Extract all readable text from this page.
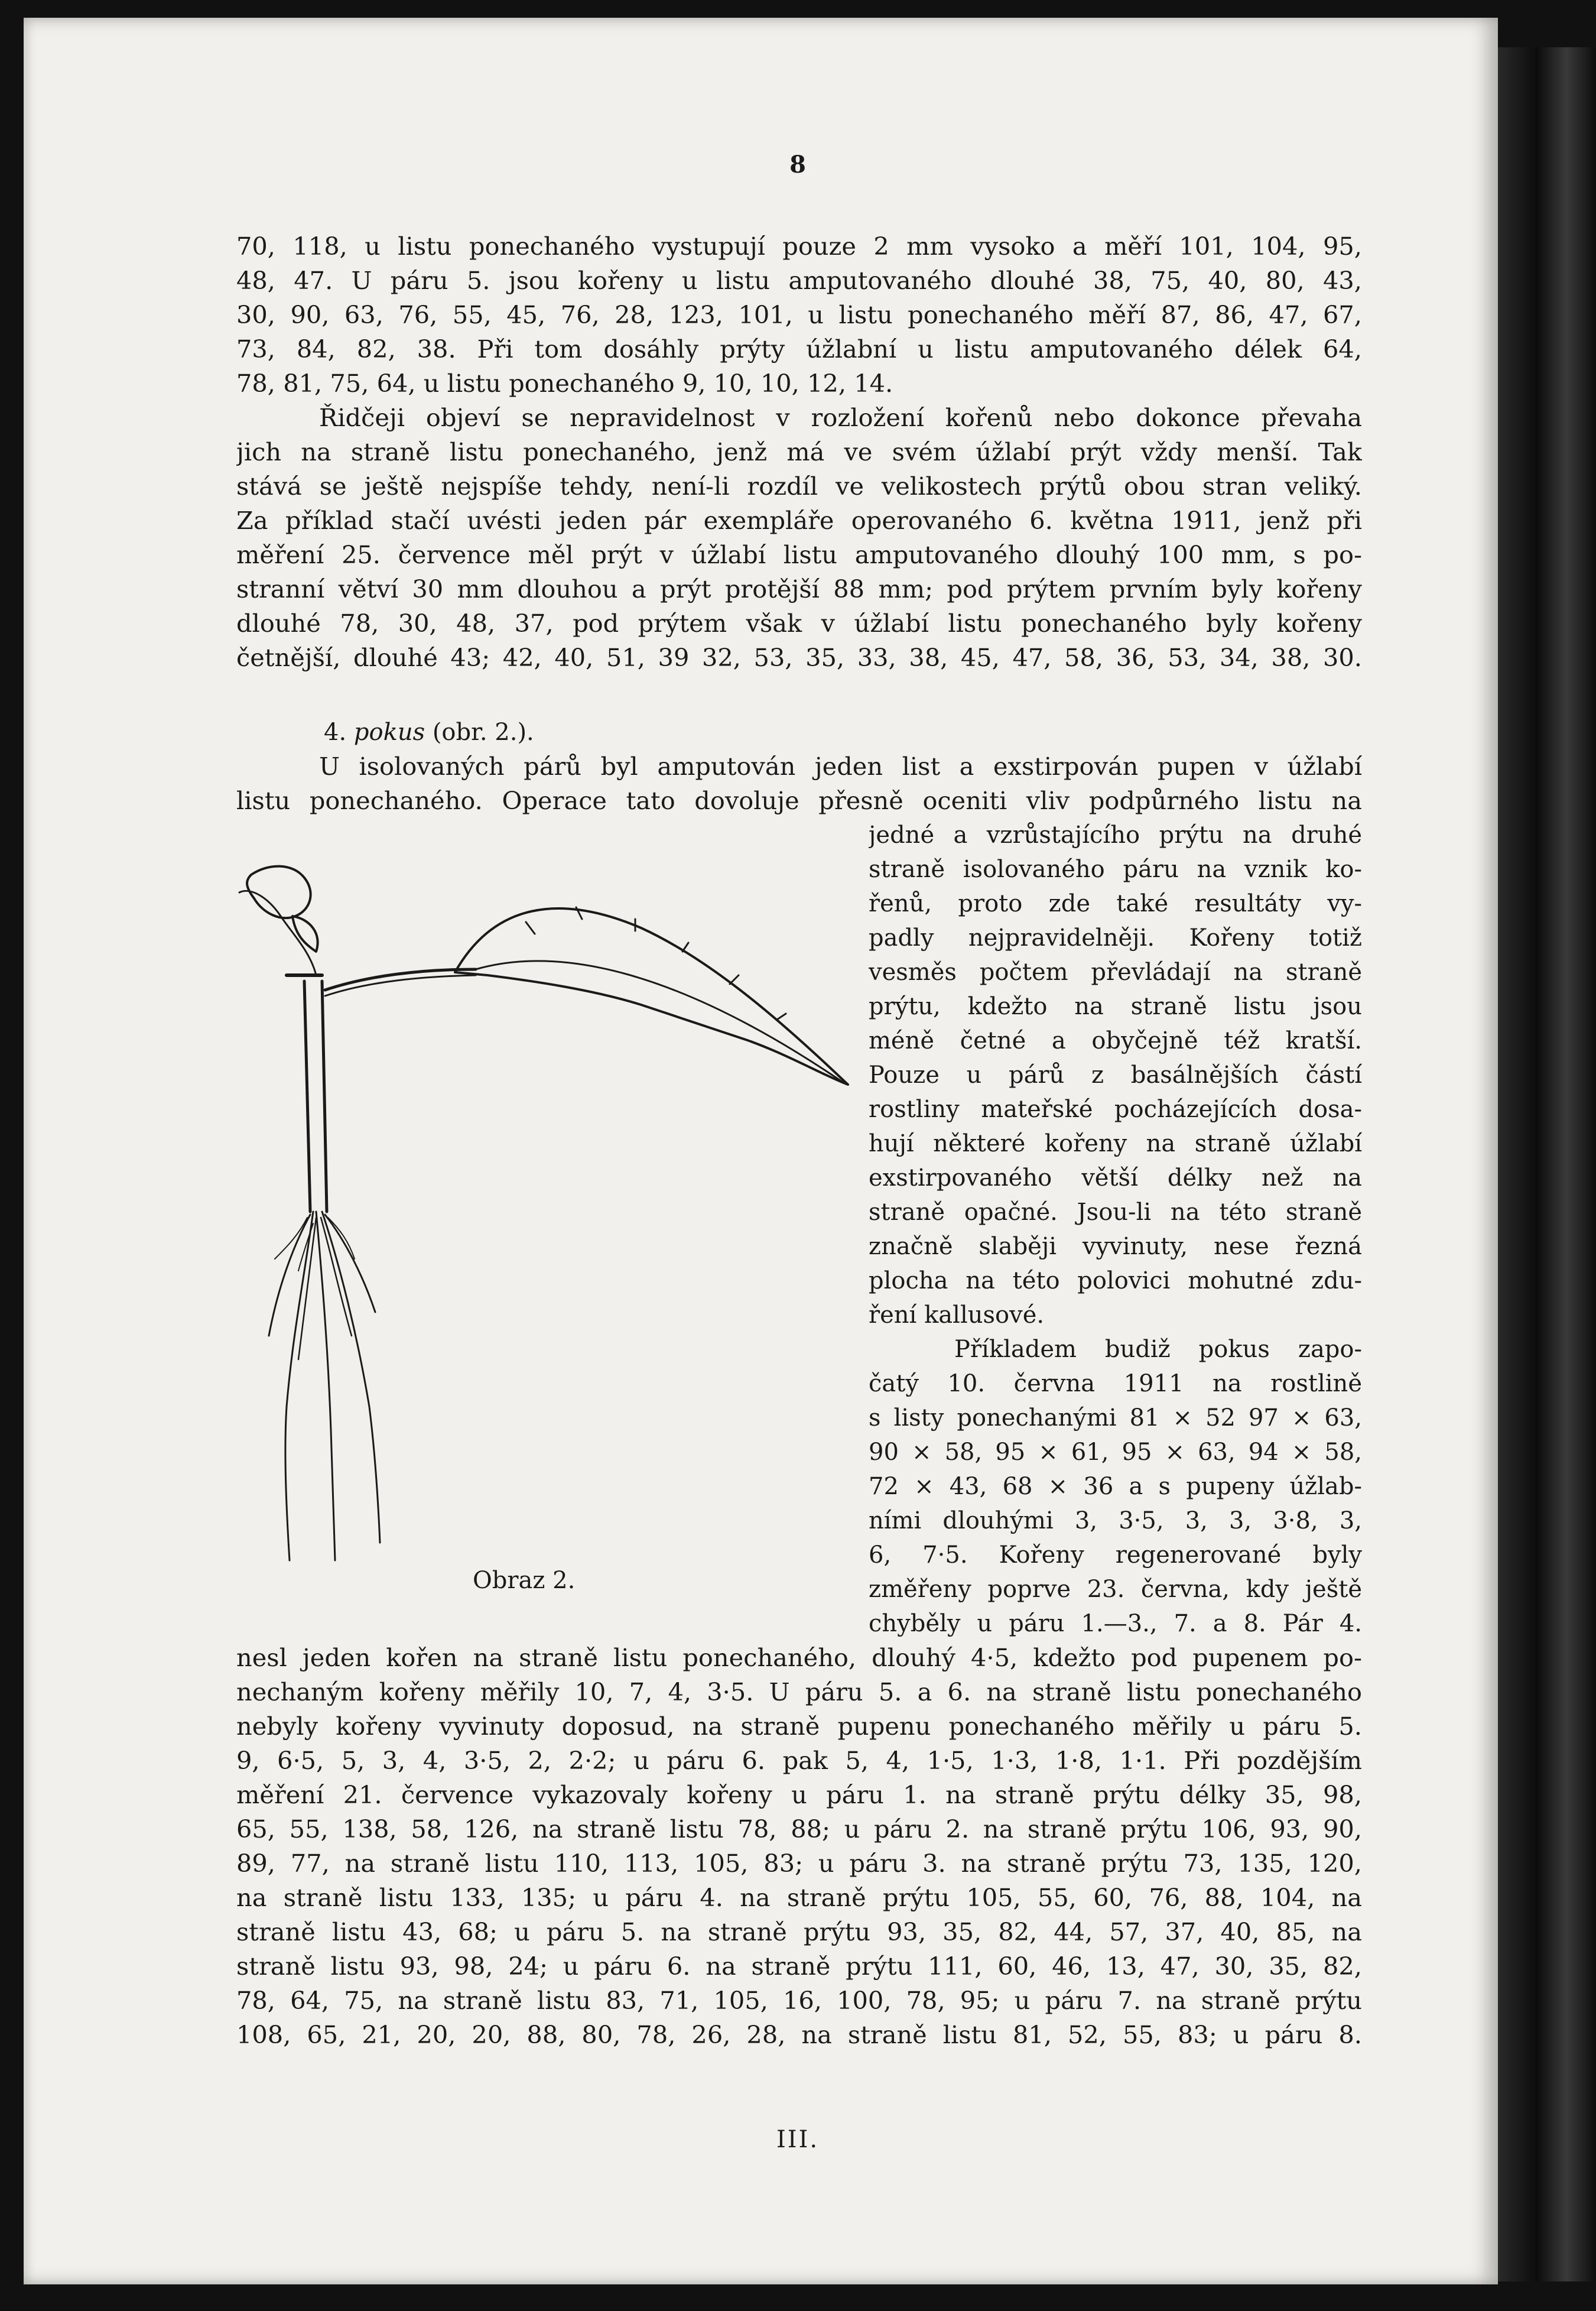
8
70, 118, u listu ponechaného vystupují pouze 2 mm vysoko a měří 101, 104, 95,
48, 47. U páru 5. jsou kořeny u listu amputovaného dlouhé 38, 75, 40, 80, 43,
30, 90, 63, 76, 55, 45, 76, 28, 123, 101, u listu ponechaného měří 87, 86, 47, 67,
73, 84, 82, 38. Při tom dosáhly prýty úžlabní u listu amputovaného délek 64,
78, 81, 75, 64, u listu ponechaného 9, 10, 10, 12, 14.
Řidčeji objeví se nepravidelnost v rozložení kořenů nebo dokonce převaha
jich na straně listu ponechaného, jenž má ve svém úžlabí prýt vždy menší. Tak
stává se ještě nejspíše tehdy, není-li rozdíl ve velikostech prýtů obou stran veliký.
Za příklad stačí uvésti jeden pár exempláře operovaného 6. května 1911, jenž při
měření 25. července měl prýt v úžlabí listu amputovaného dlouhý 100 mm, s po-
stranní větví 30 mm dlouhou a prýt protější 88 mm; pod prýtem prvním byly kořeny
dlouhé 78, 30, 48, 37, pod prýtem však v úžlabí listu ponechaného byly kořeny
četnější, dlouhé 43; 42, 40, 51, 39 32, 53, 35, 33, 38, 45, 47, 58, 36, 53, 34, 38, 30.
4. pokus (obr. 2.).
U isolovaných párů byl amputován jeden list a exstirpován pupen v úžlabí
listu ponechaného. Operace tato dovoluje přesně oceniti vliv podpůrného listu na
jedné a vzrůstajícího prýtu na druhé
straně isolovaného páru na vznik ko-
řenů, proto zde také resultáty vy-
padly nejpravidelněji. Kořeny totiž
vesměs počtem převládají na straně
prýtu, kdežto na straně listu jsou
méně četné a obyčejně též kratší.
Pouze u párů z basálnějších částí
rostliny mateřské pocházejících dosa-
hují některé kořeny na straně úžlabí
exstirpovaného větší délky než na
straně opačné. Jsou-li na této straně
značně slaběji vyvinuty, nese řezná
plocha na této polovici mohutné zdu-
ření kallusové.
Příkladem budiž pokus zapo-
čatý 10. června 1911 na rostlině
s listy ponechanými 81 × 52 97 × 63,
90 × 58, 95 × 61, 95 × 63, 94 × 58,
72 × 43, 68 × 36 a s pupeny úžlab-
ními dlouhými 3, 3·5, 3, 3, 3·8, 3,
6, 7·5. Kořeny regenerované byly
změřeny poprve 23. června, kdy ještě
chyběly u páru 1.—3., 7. a 8. Pár 4.
Obraz 2.
nesl jeden kořen na straně listu ponechaného, dlouhý 4·5, kdežto pod pupenem po-
nechaným kořeny měřily 10, 7, 4, 3·5. U páru 5. a 6. na straně listu ponechaného
nebyly kořeny vyvinuty doposud, na straně pupenu ponechaného měřily u páru 5.
9, 6·5, 5, 3, 4, 3·5, 2, 2·2; u páru 6. pak 5, 4, 1·5, 1·3, 1·8, 1·1. Při pozdějším
měření 21. července vykazovaly kořeny u páru 1. na straně prýtu délky 35, 98,
65, 55, 138, 58, 126, na straně listu 78, 88; u páru 2. na straně prýtu 106, 93, 90,
89, 77, na straně listu 110, 113, 105, 83; u páru 3. na straně prýtu 73, 135, 120,
na straně listu 133, 135; u páru 4. na straně prýtu 105, 55, 60, 76, 88, 104, na
straně listu 43, 68; u páru 5. na straně prýtu 93, 35, 82, 44, 57, 37, 40, 85, na
straně listu 93, 98, 24; u páru 6. na straně prýtu 111, 60, 46, 13, 47, 30, 35, 82,
78, 64, 75, na straně listu 83, 71, 105, 16, 100, 78, 95; u páru 7. na straně prýtu
108, 65, 21, 20, 20, 88, 80, 78, 26, 28, na straně listu 81, 52, 55, 83; u páru 8.
III.
